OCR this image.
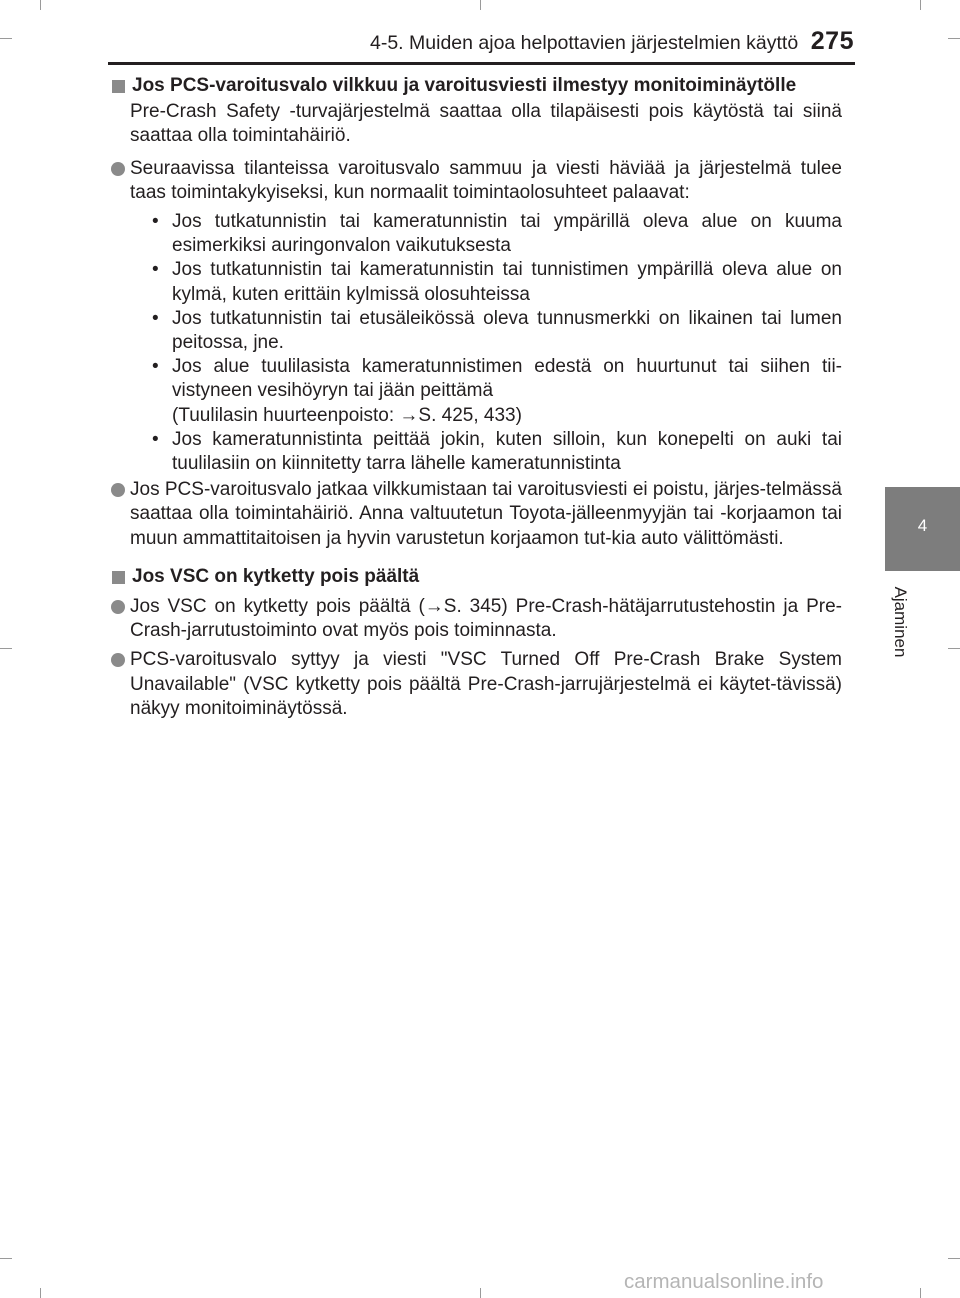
4-5. Muiden ajoa helpottavien järjestelmien käyttö 275
4
Ajaminen
Jos PCS-varoitusvalo vilkkuu ja varoitusviesti ilmestyy monitoiminäytölle

Pre-Crash Safety -turvajärjestelmä saattaa olla tilapäisesti pois käytöstä tai siinä saattaa olla toimintahäiriö.

Seuraavissa tilanteissa varoitusvalo sammuu ja viesti häviää ja järjestelmä tulee taas toimintakykyiseksi, kun normaalit toimintaolosuhteet palaavat:
• Jos tutkatunnistin tai kameratunnistin tai ympärillä oleva alue on kuuma esimerkiksi auringonvalon vaikutuksesta
• Jos tutkatunnistin tai kameratunnistin tai tunnistimen ympärillä oleva alue on kylmä, kuten erittäin kylmissä olosuhteissa
• Jos tutkatunnistin tai etusäleikössä oleva tunnusmerkki on likainen tai lumen peitossa, jne.
• Jos alue tuulilasista kameratunnistimen edestä on huurtunut tai siihen tii-vistyneen vesihöyryn tai jään peittämä
(Tuulilasin huurteenpoisto: →S. 425, 433)
• Jos kameratunnistinta peittää jokin, kuten silloin, kun konepelti on auki tai tuulilasiin on kiinnitetty tarra lähelle kameratunnistinta
Jos PCS-varoitusvalo jatkaa vilkkumistaan tai varoitusviesti ei poistu, järjes-telmässä saattaa olla toimintahäiriö. Anna valtuutetun Toyota-jälleenmyyjän tai -korjaamon tai muun ammattitaitoisen ja hyvin varustetun korjaamon tut-kia auto välittömästi.
Jos VSC on kytketty pois päältä
Jos VSC on kytketty pois päältä (→S. 345) Pre-Crash-hätäjarrutustehostin ja Pre-Crash-jarrutustoiminto ovat myös pois toiminnasta.
PCS-varoitusvalo syttyy ja viesti "VSC Turned Off Pre-Crash Brake System Unavailable" (VSC kytketty pois päältä Pre-Crash-jarrujärjestelmä ei käytet-tävissä) näkyy monitoiminäytössä.
carmanualsonline.info
